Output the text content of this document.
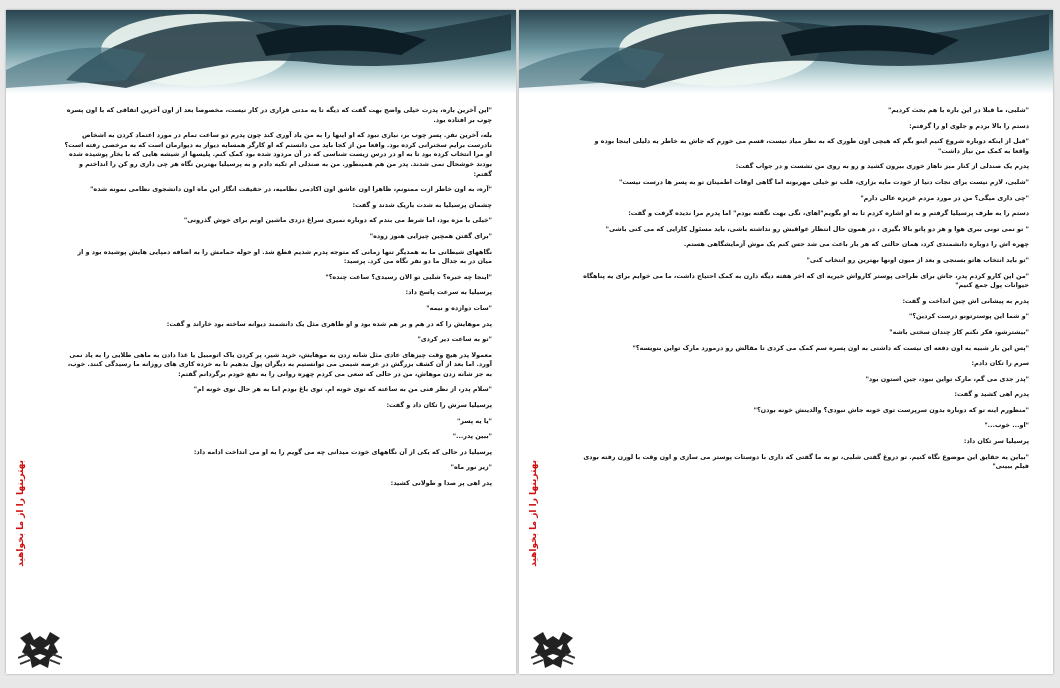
"این آخرین باره، پدرت خیلی واضح بهت گفت که دیگه تا یه مدتی قراری در کار نیست، مخصوصا بعد از اون آخرین اتفاقی که با اون پسره چوب بر افتاده بود.

بله، آخرین نفر. پسر چوب بر، نیازی نبود که او اینها را به من یاد آوری کند چون پدرم دو ساعت تمام در مورد اعتماد کردن به اشخاص نادرست برایم سخنرانی کرده بود. واقعا من از کجا باید می دانستم که او کارگر همسایه دیوار به دیوارمان است که به مرخصی رفته است؟ او مرا انتخاب کرده بود تا به او در درس زیست شناسی که در آن مردود شده بود کمک کنم. پلیسها از شیشه هایی که با بخار پوشیده شده بودند خوشحال نمی شدند. پدر من هم همینطور. من به صندلی ام تکیه دادم و به پرسیلیا بهترین نگاه هر چی داری رو کن را انداختم و گفتم:

"آره، به اون خاطر ازت ممنونم، ظاهرا اون عاشق اون اکادمی نظامیه، در حقیقت انگار این ماه اون دانشجوی نظامی نمونه شده"

چشمان پرسیلیا به شدت باریک شدند و گفت:

"خیلی با مزه بود، اما شرط می بندم که دوباره نمیری سراغ دزدی ماشین اونم برای خوش گذرونی"

"برای گفتن همچین چیزایی هنوز زوده"

نگاههای شیطانی ما به همدیگر تنها زمانی که متوجه پدرم شدیم قطع شد. او حوله حمامش را به اضافه دمپایی هایش پوشیده بود و از میان در به جدال ما دو نفر نگاه می کرد. پرسید:

"اینجا چه خبره؟ شلبی تو الان رسیدی؟ ساعت چنده؟"

پرسیلیا به سرعت پاسخ داد:

"سات دوازده و نیمه"

پدر موهایش را که در هم و بر هم شده بود و او ظاهری مثل یک دانشمند دیوانه ساخته بود خاراند و گفت:

"تو به ساعت دیر کردی"

معمولا پدر هیچ وقت چیزهای عادی مثل شانه زدن به موهایش، خرید شیر، پر کردن باک اتومبیل یا غذا دادن به ماهی طلایی را به یاد نمی آورد. اما بعد از آن کشف بزرگش در عرصه شیمی می توانستیم به دیگران پول بدهیم تا به خرده کاری های روزانه ما رسیدگی کنند. خوب، به جز شانه زدن موهاش، من در حالی که سعی می کردم چهره روانی را به نفع خودم برگردانم گفتم:

"سلام پدر، از نظر فنی من به ساعته که توی خونه ام. توی باغ بودم اما به هر حال توی خونه ام"

پرسیلیا سرش را تکان داد و گفت:

"یا یه پسر"

"ببین پدر..."

پرسیلیا در حالی که یکی از آن نگاههای خودت میدانی چه می گویم را به او می انداخت ادامه داد:

"زیر نور ماه"

پدر اهی پر صدا و طولانی کشید:

بهترینها را از ما بخواهید

"شلبی، ما قبلا در این باره با هم بحث کردیم"

دستم را بالا بردم و جلوی او را گرفتم:

"قبل از اینکه دوباره شروع کنیم اینو بگم که هیچی اون طوری که به نظر میاد نیست، قسم می خورم که جاش به خاطر یه دلیلی اینجا بوده و واقعا به کمک من نیاز داشت"

پدرم یک صندلی از کنار میز ناهار خوری بیرون کشید و رو به روی من نشست و در جواب گفت:

"شلبی، لازم نیست برای نجات دنیا از خودت مایه بزاری، قلب تو خیلی مهربونه اما گاهی اوقات اطمینان تو به پسر ها درست نیست"

"چی داری میگی؟ من در مورد مردم غریزه عالی دارم"

دستم را به طرف پرسیلیا گرفتم و به او اشاره کردم تا به او بگویم"اهای، نگی بهت نگفته بودم" اما پدرم مرا ندیده گرفت و گفت:

" تو نمی تونی ببری هوا و هر دو پاتو بالا بگیری ، در همون حال انتظار عواقبش رو نداشته باشی، باید مسئول کارایی که می کنی باشی"

چهره اش را دوباره دانشمندی کرد، همان حالتی که هر بار باعث می شد حس کنم یک موش آزمایشگاهی هستم.

"تو باید انتخاب هاتو بسنجی و بعد از میون اونها بهترین رو انتخاب کنی"

"من این کارو کردم پدر، جاش برای طراحی پوستر کارواش خیریه ای که اخر هفته دیگه دارن به کمک احتیاج داشت، ما می خوایم برای یه پناهگاه حیوانات پول جمع کنیم"

پدرم به پیشانی اش چین انداخت و گفت:

"و شما این پوسترتونو درست کردین؟"

"بیشترشو، فکر نکنم کار چندان سختی باشه"

"پس این بار شبیه به اون دفعه ای نیست که داشتی به اون پسره سم کمک می کردی تا مقالش رو درمورد مارک تواین بنویسه؟"

سرم را تکان دادم:

"پدر جدی می گم، مارک تواین نبود، جین استون بود"

پدرم اهی کشید و گفت:

"منظورم اینه تو که دوباره بدون سرپرست توی خونه جاش نبودی؟ والدینش خونه بودن؟"

"او... خوب..."

پرسیلیا سر تکان داد:

"بیاین یه حقایق این موضوع نگاه کنیم. تو دروغ گفتی شلبی، تو به ما گفتی که داری با دوستات پوستر می سازی و اون وقت با لورن رفته بودی فیلم ببینی"

بهترینها را از ما بخواهید
